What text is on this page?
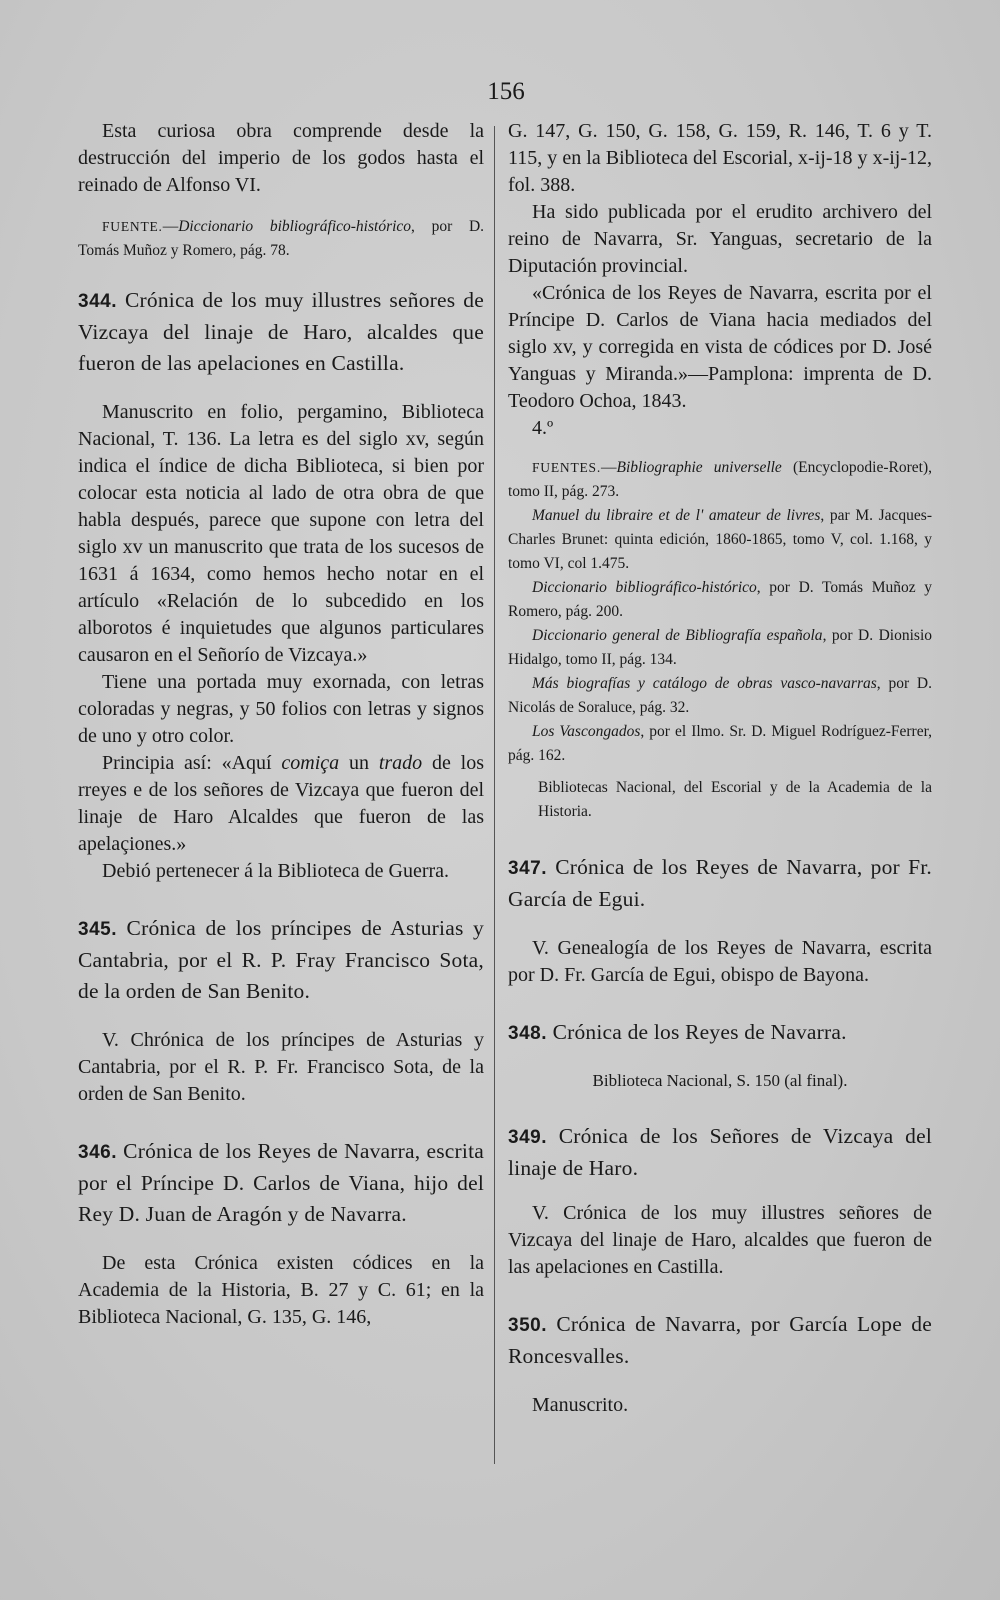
156

Esta curiosa obra comprende desde la destrucción del imperio de los godos hasta el reinado de Alfonso VI.

FUENTE.—Diccionario bibliográfico-histórico, por D. Tomás Muñoz y Romero, pág. 78.

344. Crónica de los muy illustres señores de Vizcaya del linaje de Haro, alcaldes que fueron de las apelaciones en Castilla.

Manuscrito en folio, pergamino, Biblioteca Nacional, T. 136. La letra es del siglo xv, según indica el índice de dicha Biblioteca, si bien por colocar esta noticia al lado de otra obra de que habla después, parece que supone con letra del siglo xv un manuscrito que trata de los sucesos de 1631 á 1634, como hemos hecho notar en el artículo «Relación de lo subcedido en los alborotos é inquietudes que algunos particulares causaron en el Señorío de Vizcaya.»

Tiene una portada muy exornada, con letras coloradas y negras, y 50 folios con letras y signos de uno y otro color.

Principia así: «Aquí comiça un trado de los rreyes e de los señores de Vizcaya que fueron del linaje de Haro Alcaldes que fueron de las apelaçiones.»

Debió pertenecer á la Biblioteca de Guerra.

345. Crónica de los príncipes de Asturias y Cantabria, por el R. P. Fray Francisco Sota, de la orden de San Benito.

V. Chrónica de los príncipes de Asturias y Cantabria, por el R. P. Fr. Francisco Sota, de la orden de San Benito.

346. Crónica de los Reyes de Navarra, escrita por el Príncipe D. Carlos de Viana, hijo del Rey D. Juan de Aragón y de Navarra.

De esta Crónica existen códices en la Academia de la Historia, B. 27 y C. 61; en la Biblioteca Nacional, G. 135, G. 146,

G. 147, G. 150, G. 158, G. 159, R. 146, T. 6 y T. 115, y en la Biblioteca del Escorial, x-ij-18 y x-ij-12, fol. 388.

Ha sido publicada por el erudito archivero del reino de Navarra, Sr. Yanguas, secretario de la Diputación provincial.

«Crónica de los Reyes de Navarra, escrita por el Príncipe D. Carlos de Viana hacia mediados del siglo xv, y corregida en vista de códices por D. José Yanguas y Miranda.»—Pamplona: imprenta de D. Teodoro Ochoa, 1843.

4.º

FUENTES.—Bibliographie universelle (Encyclopodie-Roret), tomo II, pág. 273.

Manuel du libraire et de l' amateur de livres, par M. Jacques-Charles Brunet: quinta edición, 1860-1865, tomo V, col. 1.168, y tomo VI, col 1.475.

Diccionario bibliográfico-histórico, por D. Tomás Muñoz y Romero, pág. 200.

Diccionario general de Bibliografía española, por D. Dionisio Hidalgo, tomo II, pág. 134.

Más biografías y catálogo de obras vasco-navarras, por D. Nicolás de Soraluce, pág. 32.

Los Vascongados, por el Ilmo. Sr. D. Miguel Rodríguez-Ferrer, pág. 162.

Bibliotecas Nacional, del Escorial y de la Academia de la Historia.

347. Crónica de los Reyes de Navarra, por Fr. García de Egui.

V. Genealogía de los Reyes de Navarra, escrita por D. Fr. García de Egui, obispo de Bayona.

348. Crónica de los Reyes de Navarra.

Biblioteca Nacional, S. 150 (al final).

349. Crónica de los Señores de Vizcaya del linaje de Haro.

V. Crónica de los muy illustres señores de Vizcaya del linaje de Haro, alcaldes que fueron de las apelaciones en Castilla.

350. Crónica de Navarra, por García Lope de Roncesvalles.

Manuscrito.
